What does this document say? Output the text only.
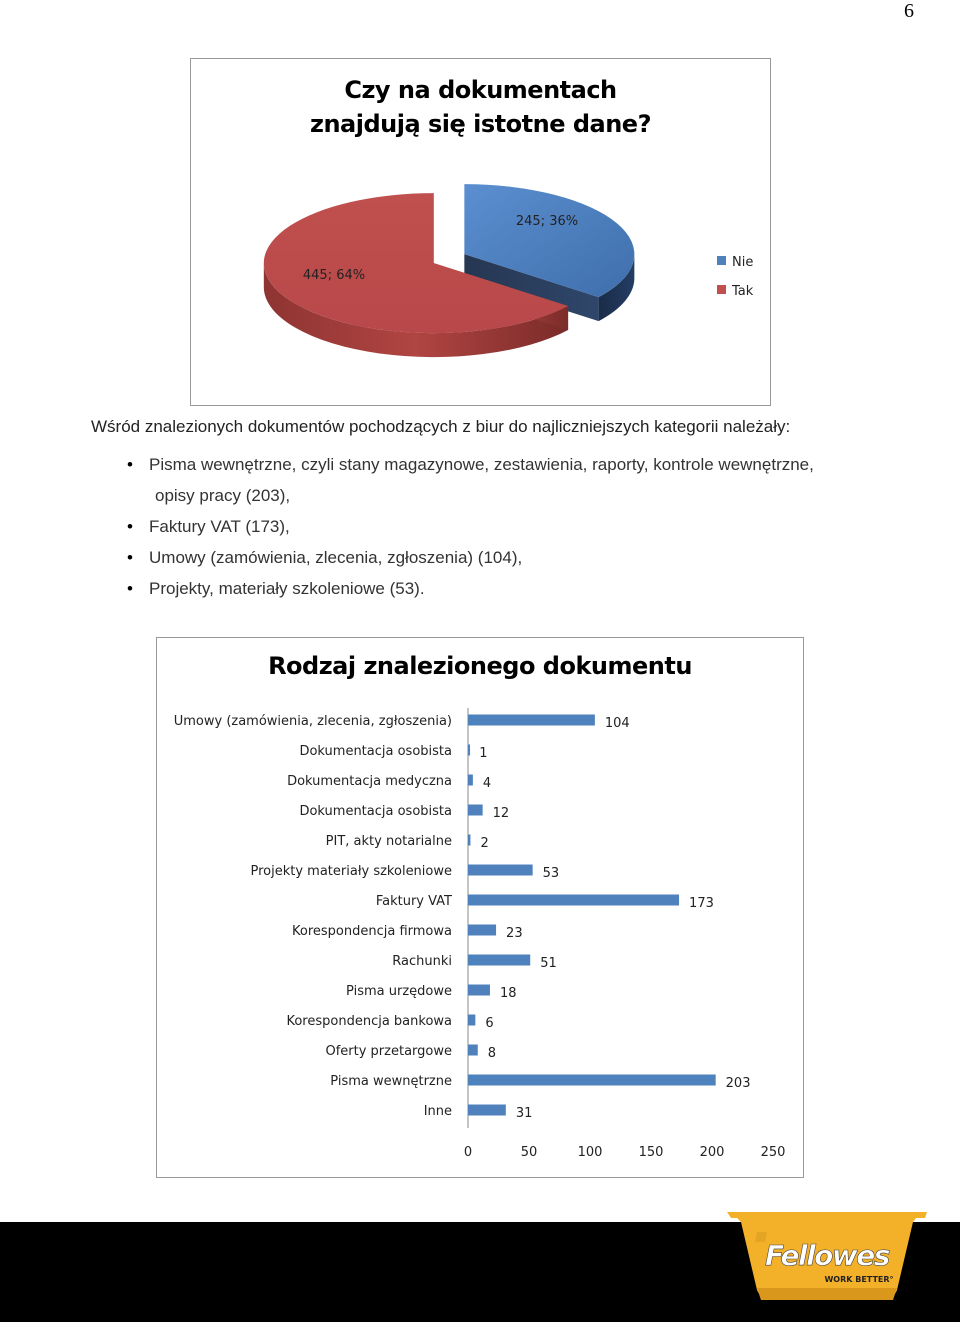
6
Czy na dokumentach znajdują się istotne dane?
245; 36%
445; 64%
Nie
Tak
Wśród znalezionych dokumentów pochodzących z biur do najliczniejszych kategorii należały:
• Pisma wewnętrzne, czyli stany magazynowe, zestawienia, raporty, kontrole wewnętrzne,
opisy pracy (203),
• Faktury VAT (173),
• Umowy (zamówienia, zlecenia, zgłoszenia) (104),
• Projekty, materiały szkoleniowe (53).
Rodzaj znalezionego dokumentu
Umowy (zamówienia, zlecenia, zgłoszenia)	104
Dokumentacja osobista 1
Dokumentacja medyczna 4
Dokumentacja osobista	12
PIT, akty notarialne 2
Projekty materiały szkoleniowe	53
Faktury VAT	173
Korespondencja firmowa	23
Rachunki	51
Pisma urzędowe	18
Korespondencja bankowa	6
Oferty przetargowe	8
Pisma wewnętrzne	203
Inne	31
0	50	100	150	200	250
Fellowes
WORK BETTER°
